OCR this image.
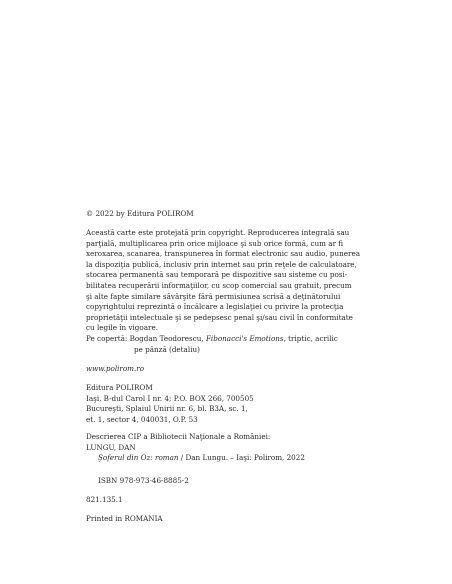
© 2022 by Editura POLIROM

Această carte este protejată prin copyright. Reproducerea integrală sau
parţială, multiplicarea prin orice mijloace şi sub orice formă, cum ar fi
xeroxarea, scanarea, transpunerea în format electronic sau audio, punerea
la dispoziţia publică, inclusiv prin internet sau prin reţele de calculatoare,
stocarea permanentă sau temporară pe dispozitive sau sisteme cu posi-
bilitatea recuperării informaţiilor, cu scop comercial sau gratuit, precum
şi alte fapte similare săvârşite fără permisiunea scrisă a deţinătorului
copyrightului reprezintă o încălcare a legislaţiei cu privire la protecţia
proprietăţii intelectuale şi se pedepsesc penal şi/sau civil în conformitate
cu legile în vigoare.
Pe copertă: Bogdan Teodorescu, Fibonacci's Emotions, triptic, acrilic
pe pânză (detaliu)

www.polirom.ro

Editura POLIROM
Iaşi, B-dul Carol I nr. 4; P.O. BOX 266, 700505
Bucureşti, Splaiul Unirii nr. 6, bl. B3A, sc. 1,
et. 1, sector 4, 040031, O.P. 53
Descrierea CIP a Bibliotecii Naţionale a României:
LUNGU, DAN
Şoferul din Oz: roman / Dan Lungu. – Iaşi: Polirom, 2022

ISBN 978-973-46-8885-2

821.135.1

Printed in ROMANIA
